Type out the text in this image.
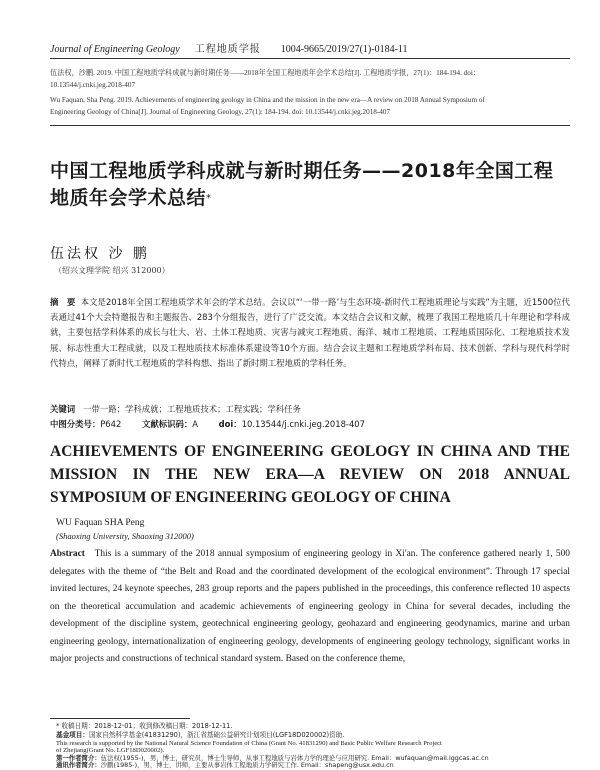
Journal of Engineering Geology 工程地质学报 1004-9665/2019/27(1)-0184-11
伍法权，沙鹏. 2019. 中国工程地质学科成就与新时期任务——2018年全国工程地质年会学术总结[J]. 工程地质学报，27(1)：184-194. doi：
10.13544/j.cnki.jeg.2018-407
Wu Faquan, Sha Peng. 2019. Achievements of engineering geology in China and the mission in the new era—A review on 2018 Annual Symposium of
Engineering Geology of China[J]. Journal of Engineering Geology, 27(1): 184-194. doi: 10.13544/j.cnki.jeg.2018-407
中国工程地质学科成就与新时期任务——2018年全国工程地质年会学术总结*
伍法权 沙 鹏
（绍兴文理学院 绍兴 312000）
摘　要 本文是2018年全国工程地质学术年会的学术总结。会议以“‘一带一路’与生态环境-新时代工程地质理论与实践”为主题，近1500位代表通过41个大会特邀报告和主题报告、283个分组报告，进行了广泛交流。本文结合会议和文献，梳理了我国工程地质几十年理论和学科成就，主要包括学科体系的成长与壮大、岩、土体工程地质、灾害与减灾工程地质、海洋、城市工程地质、工程地质国际化、工程地质技术发展、标志性重大工程成就，以及工程地质技术标准体系建设等10个方面。结合会议主题和工程地质学科布局、技术创新、学科与现代科学时代特点，阐释了新时代工程地质的学科构想、指出了新时期工程地质的学科任务。
关键词 一带一路；学科成就；工程地质技术；工程实践；学科任务
中图分类号：P642 文献标识码：A doi：10.13544/j.cnki.jeg.2018-407
ACHIEVEMENTS OF ENGINEERING GEOLOGY IN CHINA AND THE MISSION IN THE NEW ERA—A REVIEW ON 2018 ANNUAL SYMPOSIUM OF ENGINEERING GEOLOGY OF CHINA
WU Faquan SHA Peng
(Shaoxing University, Shaoxing 312000)
Abstract This is a summary of the 2018 annual symposium of engineering geology in Xi'an. The conference gathered nearly 1, 500 delegates with the theme of “the Belt and Road and the coordinated development of the ecological environment”. Through 17 special invited lectures, 24 keynote speeches, 283 group reports and the papers published in the proceedings, this conference reflected 10 aspects on the theoretical accumulation and academic achievements of engineering geology in China for several decades, including the development of the discipline system, geotechnical engineering geology, geohazard and engineering geodynamics, marine and urban engineering geology, internationalization of engineering geology, developments of engineering geology technology, significant works in major projects and constructions of technical standard system. Based on the conference theme,
* 收稿日期：2018-12-01；收到修改稿日期：2018-12-11.
基金项目：国家自然科学基金(41831290)，浙江省基础公益研究计划项目(LGF18D020002)资助.
This research is supported by the National Natural Science Foundation of China (Grant No. 41831290) and Basic Public Welfare Research Project
of Zhejiang(Grant No. LGF18D020002).
第一作者简介：伍法权(1955-)，男，博士，研究员，博士生导师，从事工程地质与岩体力学的理论与应用研究. Email：wufaquan@mail.iggcas.ac.cn
通讯作者简介：沙鹏(1985-)，男，博士，讲师，主要从事岩体工程地质力学研究工作. Email：shapeng@usx.edu.cn
